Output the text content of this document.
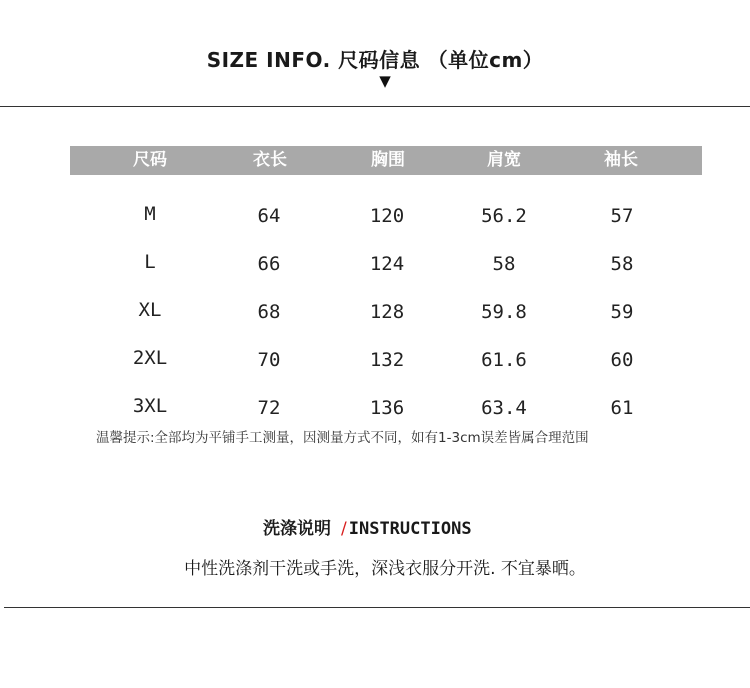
SIZE INFO. 尺码信息 （单位cm）
▼
尺码	衣长	胸围	肩宽	袖长
M	64	120	56.2	57
L	66	124	58	58
XL	68	128	59.8	59
2XL	70	132	61.6	60
3XL	72	136	63.4	61
温馨提示:全部均为平铺手工测量，因测量方式不同，如有1-3cm误差皆属合理范围
洗涤说明 / INSTRUCTIONS
中性洗涤剂干洗或手洗，深浅衣服分开洗. 不宜暴晒。
